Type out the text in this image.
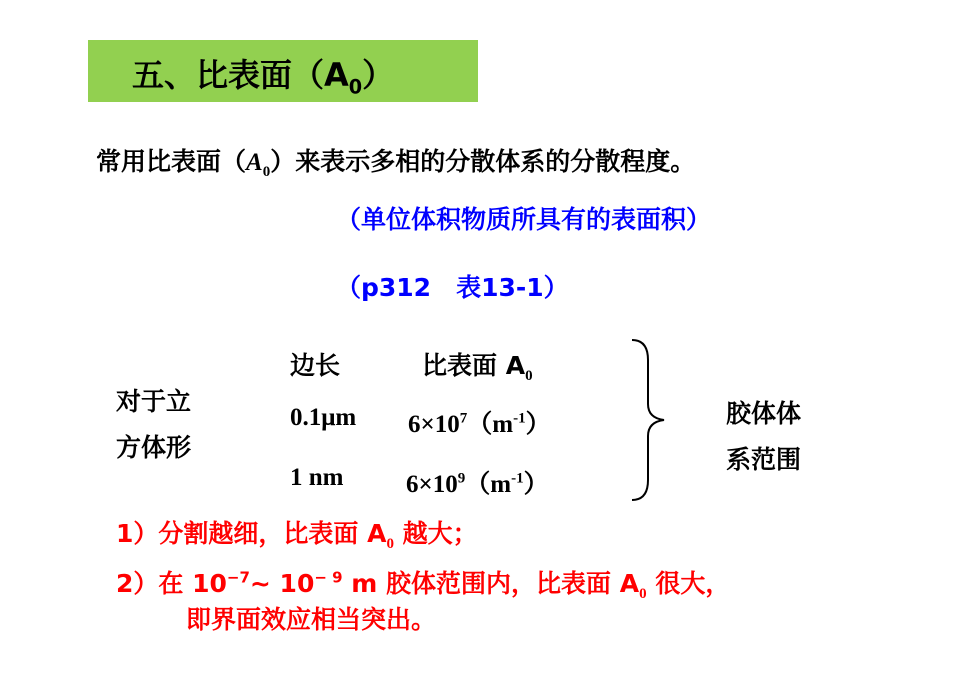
五、比表面$(A_0)$
常用比表面$(A_0)$来表示多相的分散体系的分散程度。
（单位体积物质所具有的表面积）
（p312　表13-1）
对于立
方体形
边长	比表面 $A_0$
0.1μm $6\times 10^7(m^{-1})$
1 nm	$6\times 10^9(m^{-1})$
胶体体
系范围
1）分割越细，比表面 $A_0$ 越大；
2）在 $10^{-7}\sim$ $10^{- 9}$ m 胶体范围内，比表面 $A_0$ 很大，
即界面效应相当突出。
